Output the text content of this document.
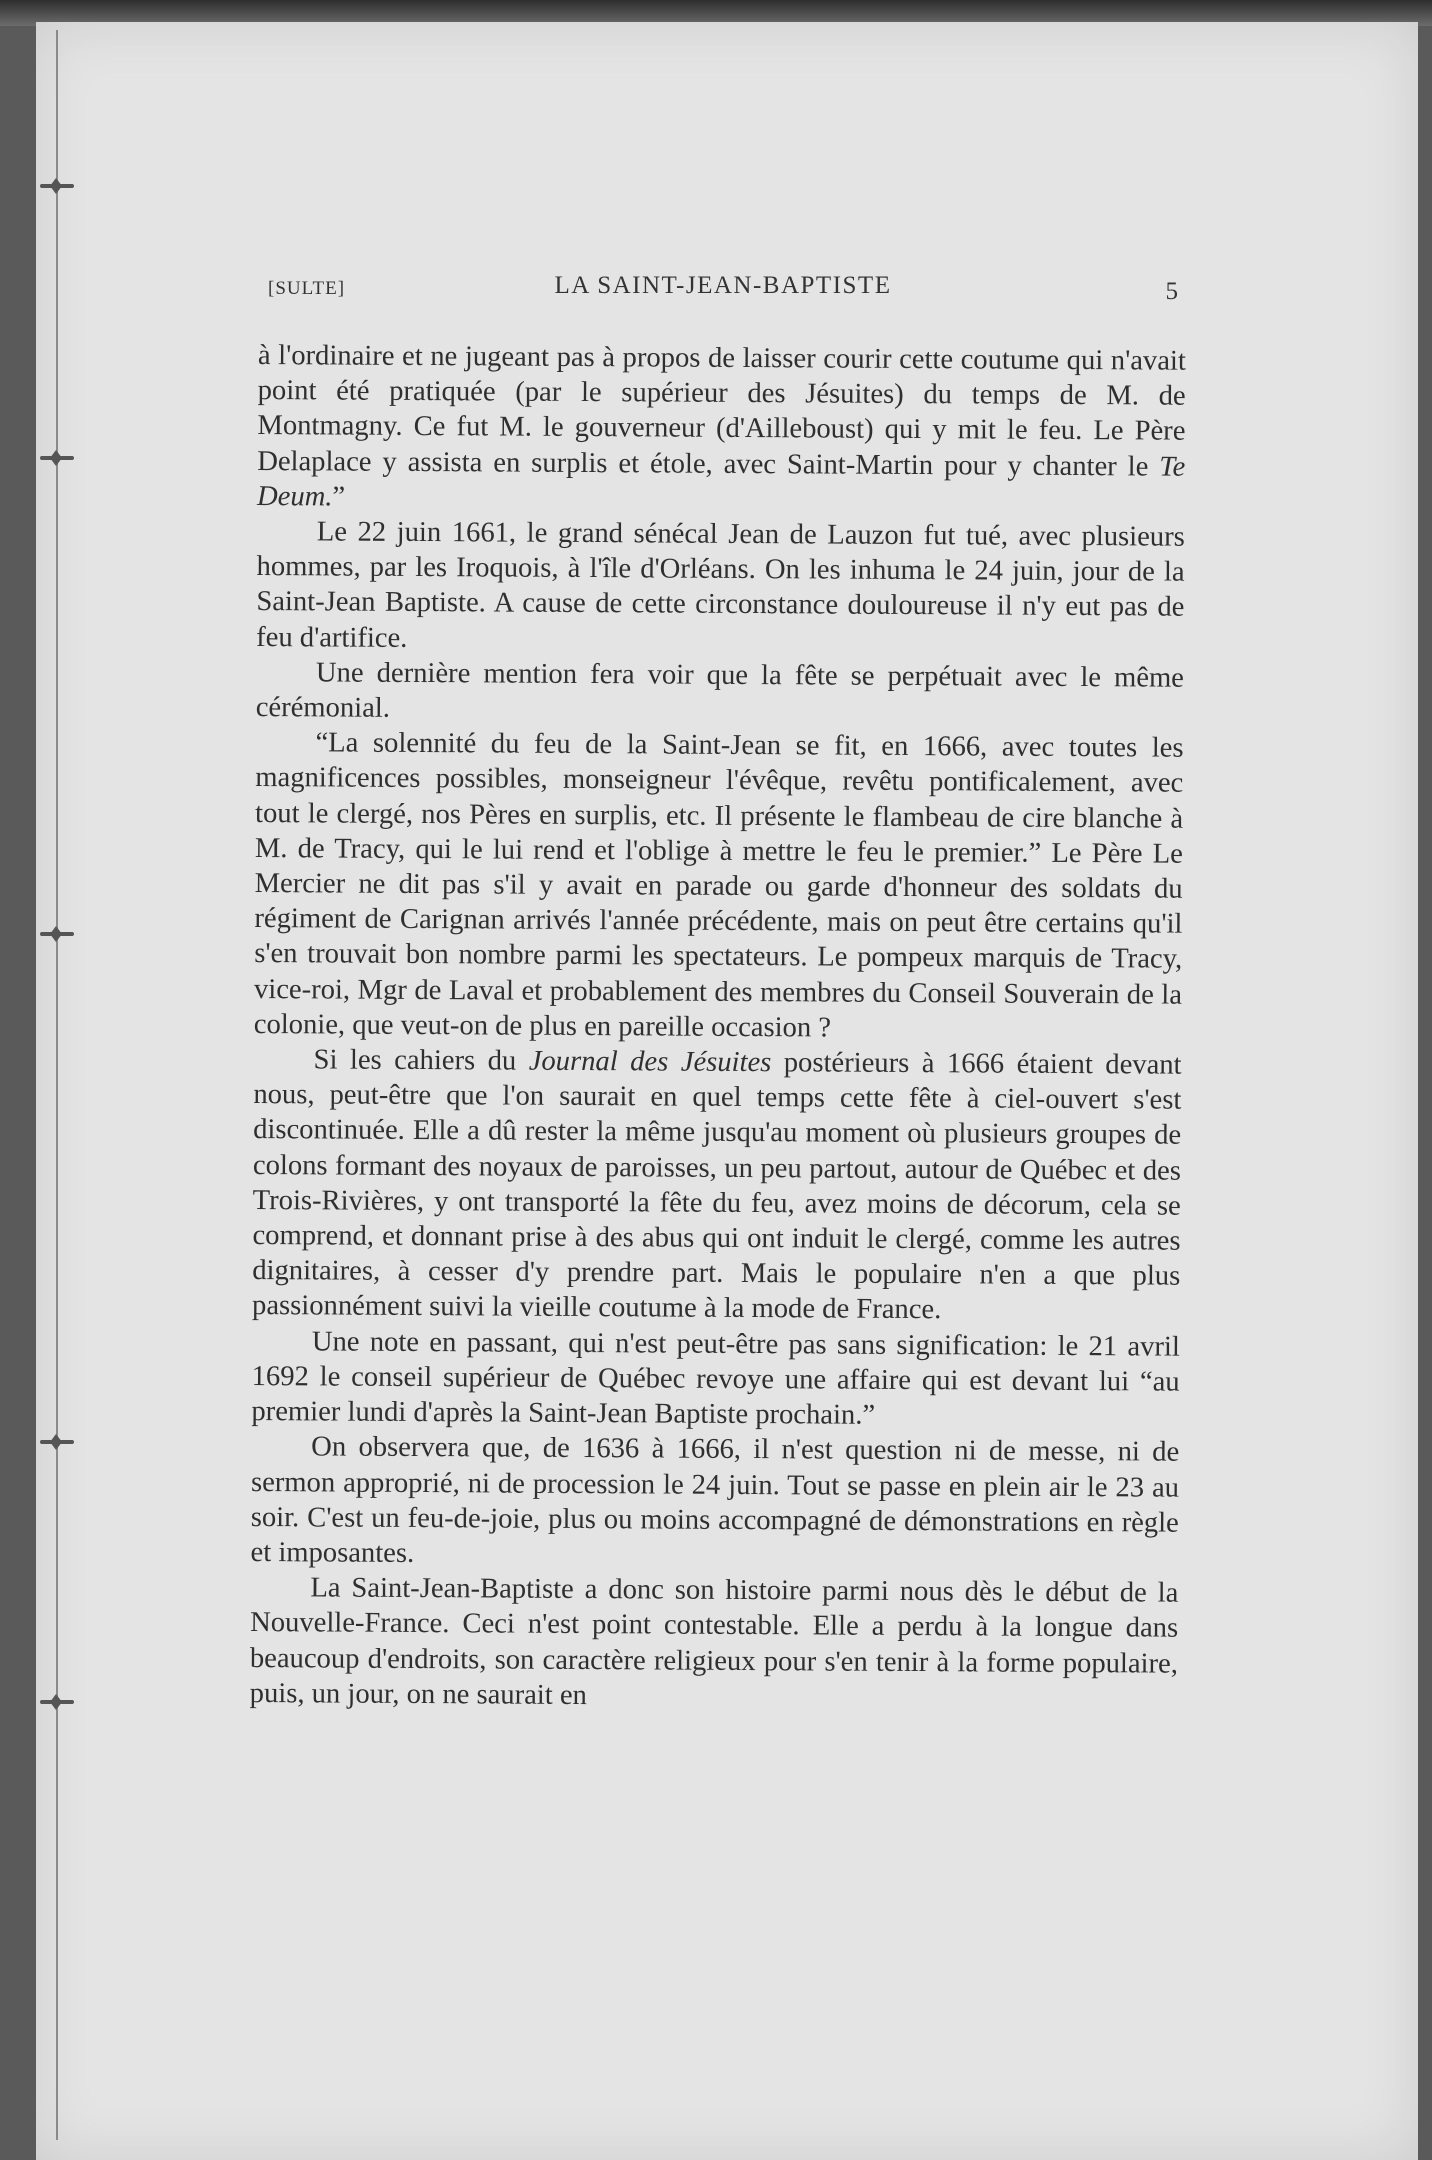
[SULTE]	LA SAINT-JEAN-BAPTISTE	5

à l'ordinaire et ne jugeant pas à propos de laisser courir cette coutume qui n'avait point été pratiquée (par le supérieur des Jésuites) du temps de M. de Montmagny. Ce fut M. le gouverneur (d'Ailleboust) qui y mit le feu. Le Père Delaplace y assista en surplis et étole, avec Saint-Martin pour y chanter le Te Deum.”

Le 22 juin 1661, le grand sénécal Jean de Lauzon fut tué, avec plusieurs hommes, par les Iroquois, à l'île d'Orléans. On les inhuma le 24 juin, jour de la Saint-Jean Baptiste. A cause de cette circonstance douloureuse il n'y eut pas de feu d'artifice.

Une dernière mention fera voir que la fête se perpétuait avec le même cérémonial.

“La solennité du feu de la Saint-Jean se fit, en 1666, avec toutes les magnificences possibles, monseigneur l'évêque, revêtu pontificalement, avec tout le clergé, nos Pères en surplis, etc. Il présente le flambeau de cire blanche à M. de Tracy, qui le lui rend et l'oblige à mettre le feu le premier.” Le Père Le Mercier ne dit pas s'il y avait en parade ou garde d'honneur des soldats du régiment de Carignan arrivés l'année précédente, mais on peut être certains qu'il s'en trouvait bon nombre parmi les spectateurs. Le pompeux marquis de Tracy, vice-roi, Mgr de Laval et probablement des membres du Conseil Souverain de la colonie, que veut-on de plus en pareille occasion ?

Si les cahiers du Journal des Jésuites postérieurs à 1666 étaient devant nous, peut-être que l'on saurait en quel temps cette fête à ciel-ouvert s'est discontinuée. Elle a dû rester la même jusqu'au moment où plusieurs groupes de colons formant des noyaux de paroisses, un peu partout, autour de Québec et des Trois-Rivières, y ont transporté la fête du feu, avez moins de décorum, cela se comprend, et donnant prise à des abus qui ont induit le clergé, comme les autres dignitaires, à cesser d'y prendre part. Mais le populaire n'en a que plus passionnément suivi la vieille coutume à la mode de France.

Une note en passant, qui n'est peut-être pas sans signification: le 21 avril 1692 le conseil supérieur de Québec revoye une affaire qui est devant lui “au premier lundi d'après la Saint-Jean Baptiste prochain.”

On observera que, de 1636 à 1666, il n'est question ni de messe, ni de sermon approprié, ni de procession le 24 juin. Tout se passe en plein air le 23 au soir. C'est un feu-de-joie, plus ou moins accompagné de démonstrations en règle et imposantes.

La Saint-Jean-Baptiste a donc son histoire parmi nous dès le début de la Nouvelle-France. Ceci n'est point contestable. Elle a perdu à la longue dans beaucoup d'endroits, son caractère religieux pour s'en tenir à la forme populaire, puis, un jour, on ne saurait en
